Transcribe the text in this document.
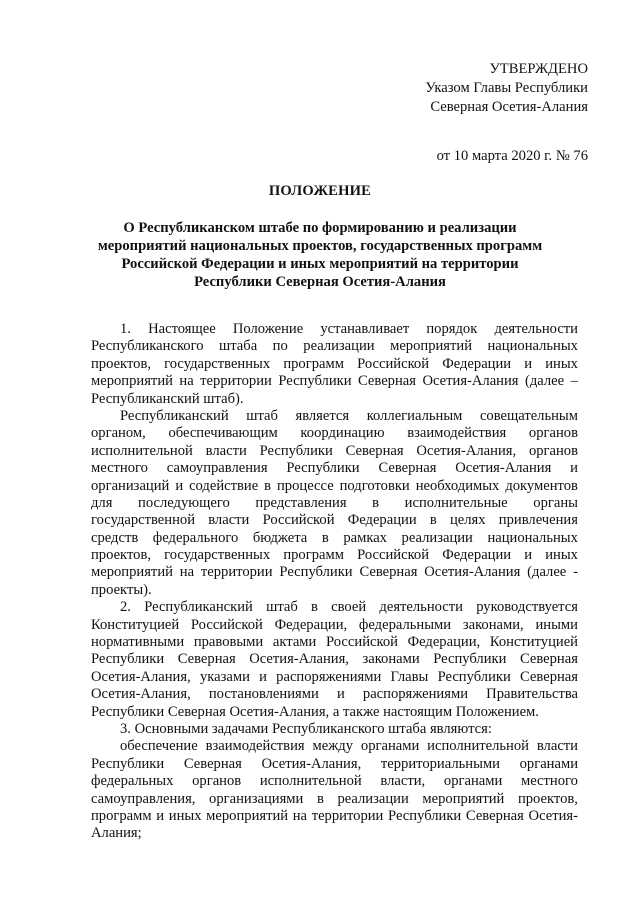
УТВЕРЖДЕНО
Указом Главы Республики
Северная Осетия-Алания
от 10 марта 2020 г. № 76
ПОЛОЖЕНИЕ
О Республиканском штабе по формированию и реализации
мероприятий национальных проектов, государственных программ
Российской Федерации и иных мероприятий на территории
Республики Северная Осетия-Алания
1. Настоящее Положение устанавливает порядок деятельности
Республиканского штаба по реализации мероприятий национальных
проектов, государственных программ Российской Федерации и иных
мероприятий на территории Республики Северная Осетия-Алания (далее –
Республиканский штаб).
Республиканский штаб является коллегиальным совещательным
органом, обеспечивающим координацию взаимодействия органов
исполнительной власти Республики Северная Осетия-Алания, органов
местного самоуправления Республики Северная Осетия-Алания и
организаций и содействие в процессе подготовки необходимых документов
для последующего представления в исполнительные органы
государственной власти Российской Федерации в целях привлечения
средств федерального бюджета в рамках реализации национальных
проектов, государственных программ Российской Федерации и иных
мероприятий на территории Республики Северная Осетия-Алания (далее -
проекты).
2. Республиканский штаб в своей деятельности руководствуется
Конституцией Российской Федерации, федеральными законами, иными
нормативными правовыми актами Российской Федерации, Конституцией
Республики Северная Осетия-Алания, законами Республики Северная
Осетия-Алания, указами и распоряжениями Главы Республики Северная
Осетия-Алания, постановлениями и распоряжениями Правительства
Республики Северная Осетия-Алания, а также настоящим Положением.
3. Основными задачами Республиканского штаба являются:
обеспечение взаимодействия между органами исполнительной власти
Республики Северная Осетия-Алания, территориальными органами
федеральных органов исполнительной власти, органами местного
самоуправления, организациями в реализации мероприятий проектов,
программ и иных мероприятий на территории Республики Северная Осетия-
Алания;
